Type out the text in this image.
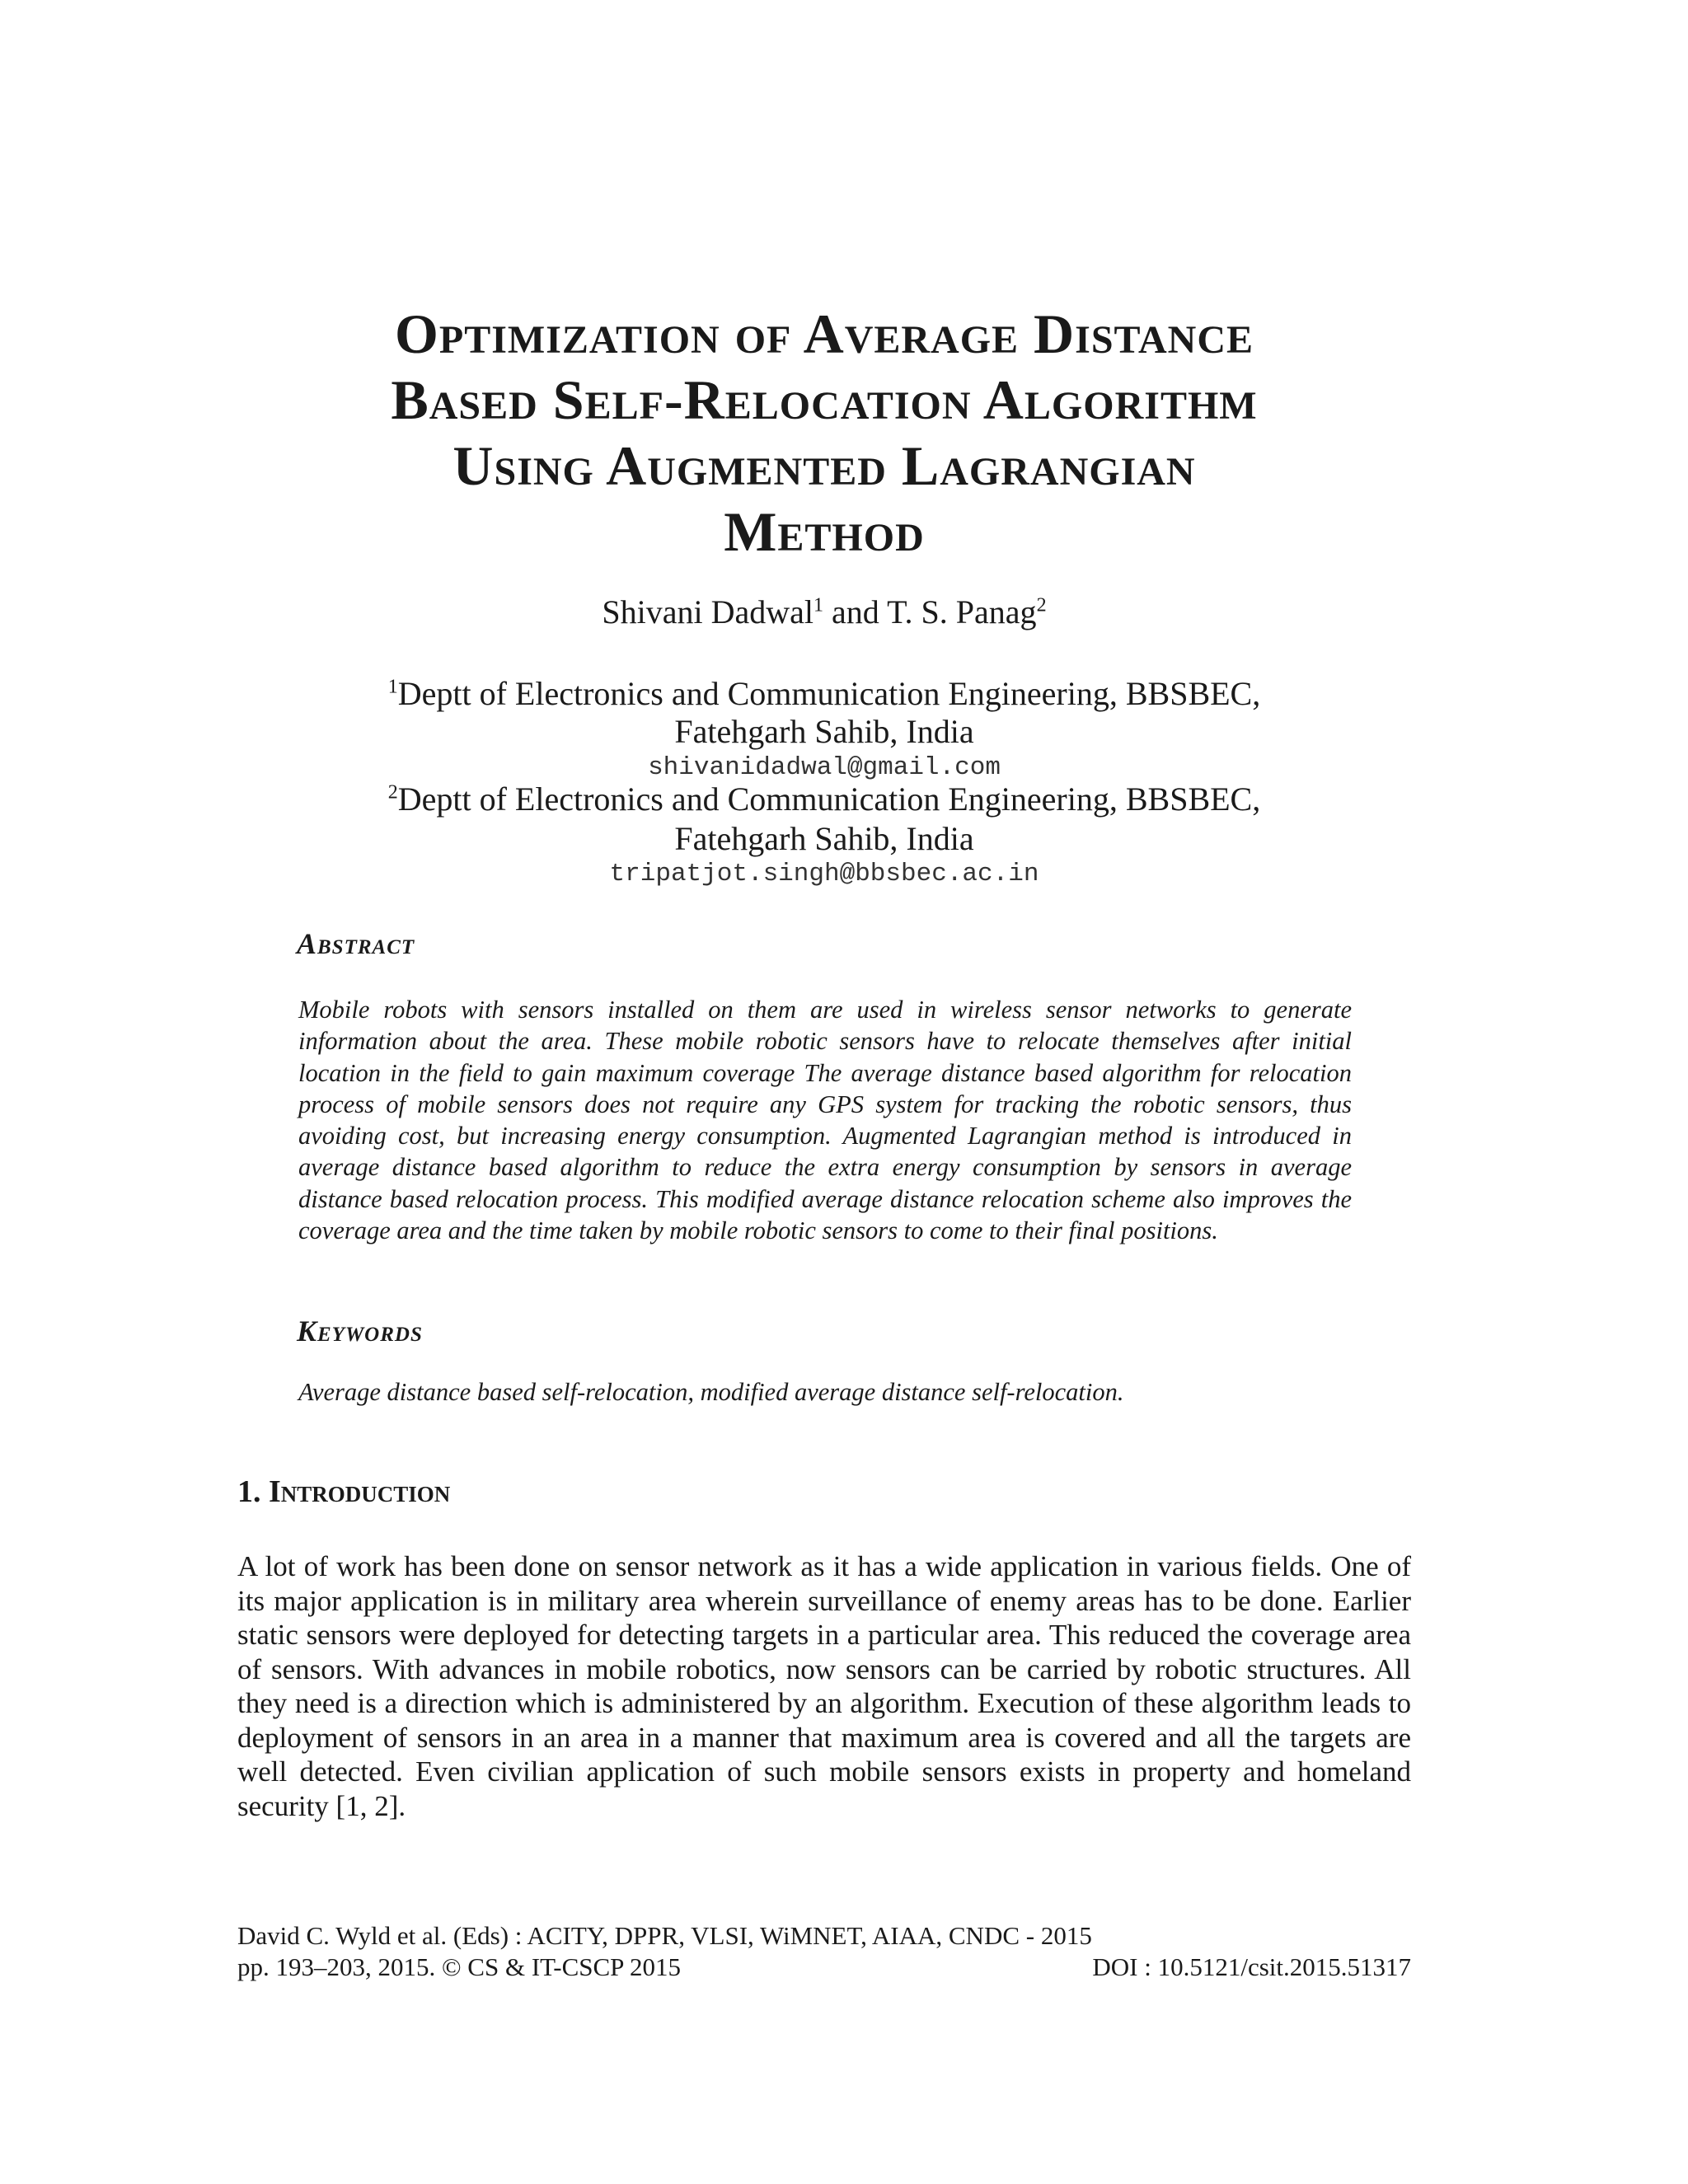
Optimization of Average Distance
Based Self-Relocation Algorithm
Using Augmented Lagrangian
Method
Shivani Dadwal$^1$ and T. S. Panag$^2$
$^1$Deptt of Electronics and Communication Engineering, BBSBEC,
Fatehgarh Sahib, India
shivanidadwal@gmail.com
$^2$Deptt of Electronics and Communication Engineering, BBSBEC,
Fatehgarh Sahib, India
tripatjot.singh@bbsbec.ac.in
Abstract

Mobile robots with sensors installed on them are used in wireless sensor networks to generate information about the area. These mobile robotic sensors have to relocate themselves after initial location in the field to gain maximum coverage The average distance based algorithm for relocation process of mobile sensors does not require any GPS system for tracking the robotic sensors, thus avoiding cost, but increasing energy consumption. Augmented Lagrangian method is introduced in average distance based algorithm to reduce the extra energy consumption by sensors in average distance based relocation process. This modified average distance relocation scheme also improves the coverage area and the time taken by mobile robotic sensors to come to their final positions.

Keywords

Average distance based self-relocation, modified average distance self-relocation.

1. Introduction

A lot of work has been done on sensor network as it has a wide application in various fields. One of its major application is in military area wherein surveillance of enemy areas has to be done. Earlier static sensors were deployed for detecting targets in a particular area. This reduced the coverage area of sensors. With advances in mobile robotics, now sensors can be carried by robotic structures. All they need is a direction which is administered by an algorithm. Execution of these algorithm leads to deployment of sensors in an area in a manner that maximum area is covered and all the targets are well detected. Even civilian application of such mobile sensors exists in property and homeland security [1, 2].

David C. Wyld et al. (Eds) : ACITY, DPPR, VLSI, WiMNET, AIAA, CNDC - 2015
pp. 193–203, 2015. © CS & IT-CSCP 2015	DOI : 10.5121/csit.2015.51317
